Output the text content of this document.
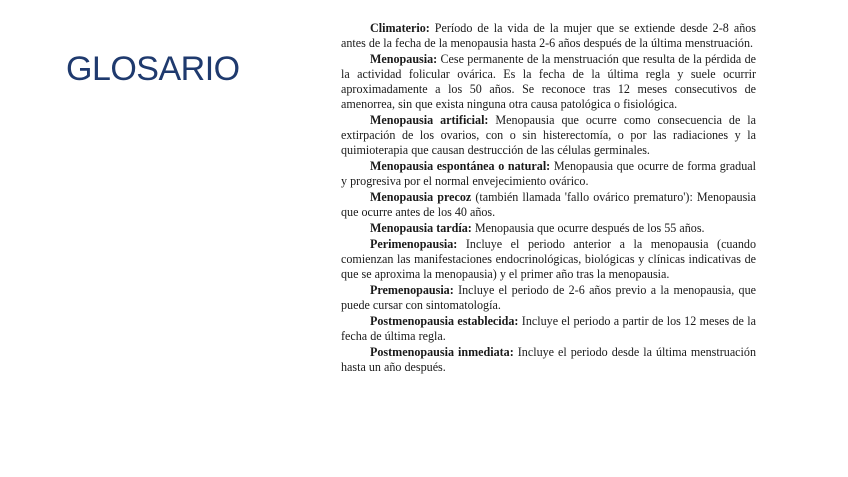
GLOSARIO

Climaterio: Período de la vida de la mujer que se extiende desde 2-8 años antes de la fecha de la menopausia hasta 2-6 años después de la última menstruación.

Menopausia: Cese permanente de la menstruación que resulta de la pérdida de la actividad folicular ovárica. Es la fecha de la última regla y suele ocurrir aproximadamente a los 50 años. Se reconoce tras 12 meses consecutivos de amenorrea, sin que exista ninguna otra causa patológica o fisiológica.

Menopausia artificial: Menopausia que ocurre como consecuencia de la extirpación de los ovarios, con o sin histerectomía, o por las radiaciones y la quimioterapia que causan destrucción de las células germinales.

Menopausia espontánea o natural: Menopausia que ocurre de forma gradual y progresiva por el normal envejecimiento ovárico.

Menopausia precoz (también llamada 'fallo ovárico prematuro'): Menopausia que ocurre antes de los 40 años.

Menopausia tardía: Menopausia que ocurre después de los 55 años.

Perimenopausia: Incluye el periodo anterior a la menopausia (cuando comienzan las manifestaciones endocrinológicas, biológicas y clínicas indicativas de que se aproxima la menopausia) y el primer año tras la menopausia.

Premenopausia: Incluye el periodo de 2-6 años previo a la menopausia, que puede cursar con sintomatología.

Postmenopausia establecida: Incluye el periodo a partir de los 12 meses de la fecha de última regla.

Postmenopausia inmediata: Incluye el periodo desde la última menstruación hasta un año después.
